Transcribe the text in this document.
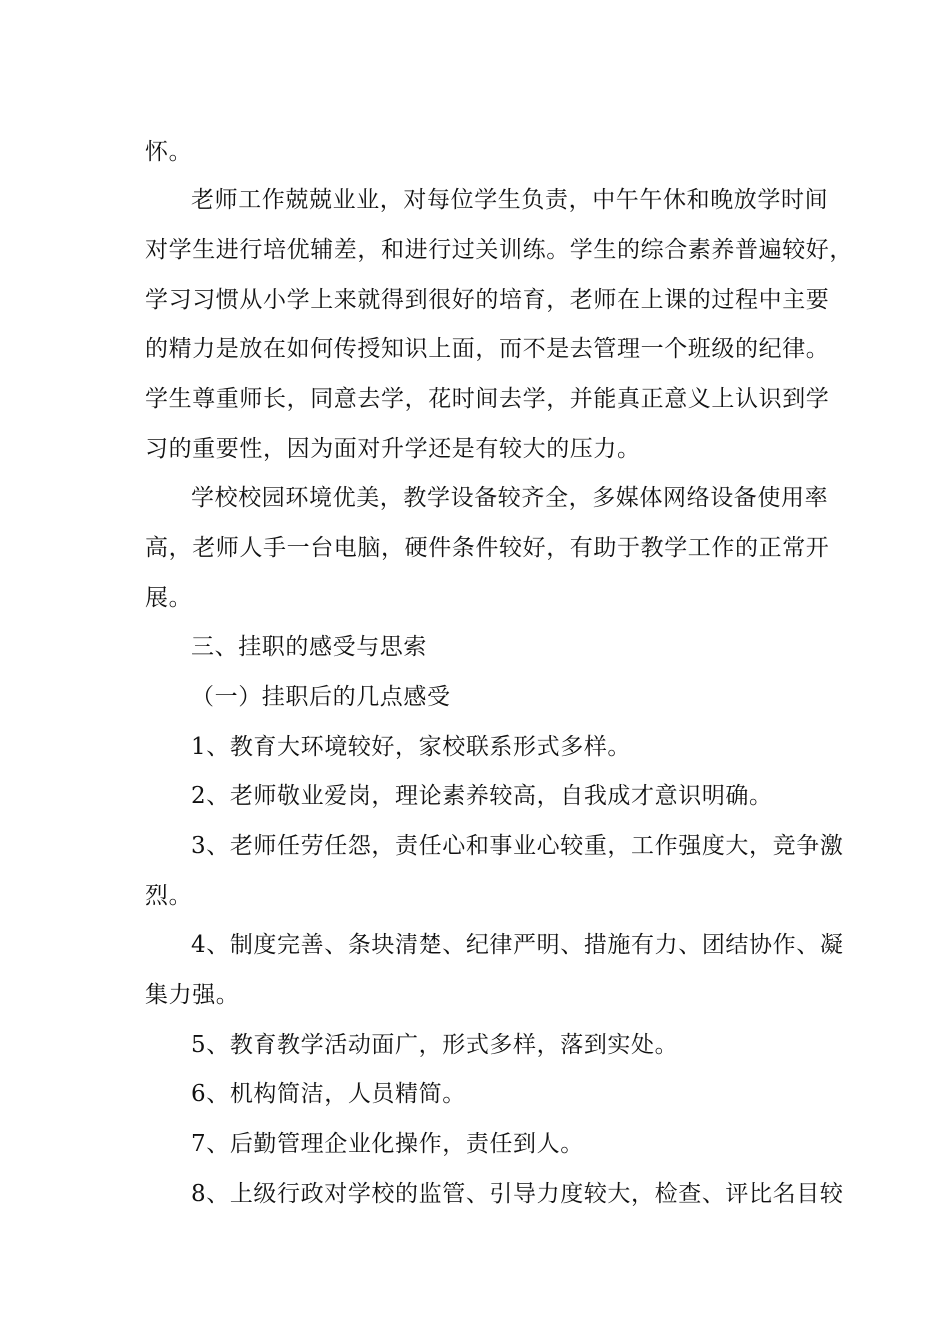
怀。
老师工作兢兢业业，对每位学生负责，中午午休和晚放学时间
对学生进行培优辅差，和进行过关训练。学生的综合素养普遍较好，
学习习惯从小学上来就得到很好的培育，老师在上课的过程中主要
的精力是放在如何传授知识上面，而不是去管理一个班级的纪律。
学生尊重师长，同意去学，花时间去学，并能真正意义上认识到学
习的重要性，因为面对升学还是有较大的压力。
学校校园环境优美，教学设备较齐全，多媒体网络设备使用率
高，老师人手一台电脑，硬件条件较好，有助于教学工作的正常开
展。
三、挂职的感受与思索
（一）挂职后的几点感受
1、教育大环境较好，家校联系形式多样。
2、老师敬业爱岗，理论素养较高，自我成才意识明确。
3、老师任劳任怨，责任心和事业心较重，工作强度大，竞争激
烈。
4、制度完善、条块清楚、纪律严明、措施有力、团结协作、凝
集力强。
5、教育教学活动面广，形式多样，落到实处。
6、机构简洁，人员精简。
7、后勤管理企业化操作，责任到人。
8、上级行政对学校的监管、引导力度较大，检查、评比名目较
